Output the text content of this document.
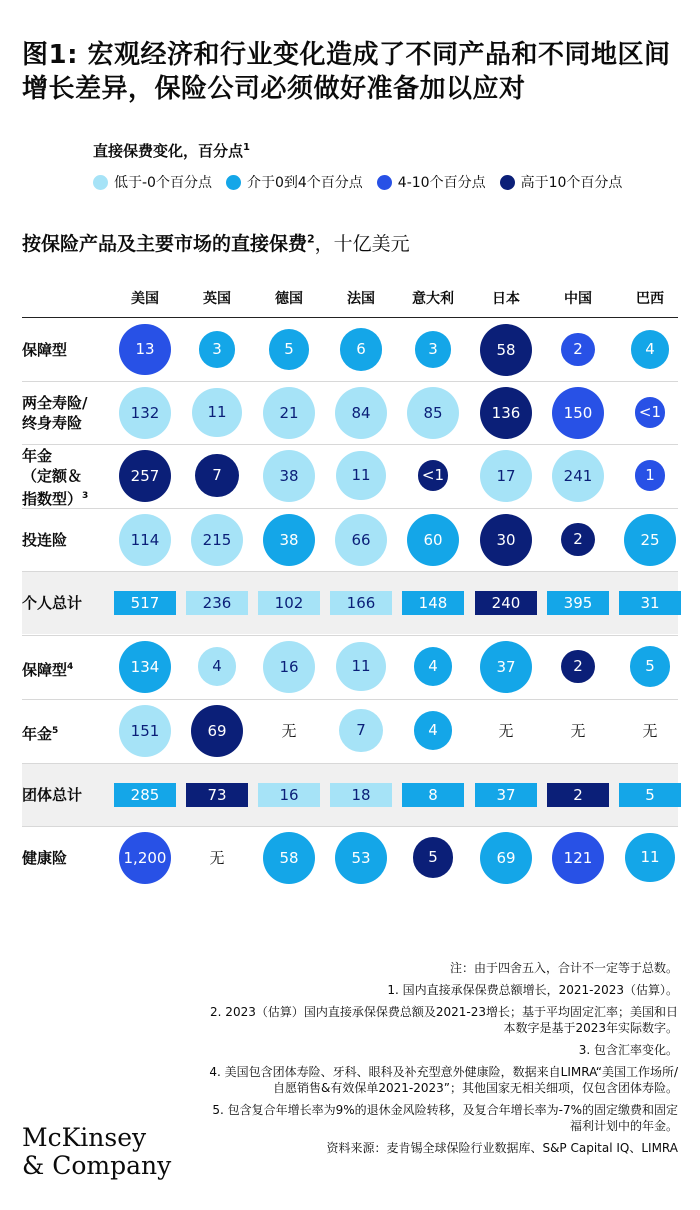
图1: 宏观经济和行业变化造成了不同产品和不同地区间增长差异，保险公司必须做好准备加以应对
直接保费变化，百分点$^1$
低于-0个百分点	介于0到4个百分点	4-10个百分点	高于10个百分点
按保险产品及主要市场的直接保费$^2$，十亿美元
美国	英国	德国	法国	意大利	日本	中国	巴西
保障型	13	3	5	6	3	58	2	4
两全寿险/
终身寿险
132	11	21	84	85	136	150	<1
年金
（定额＆
指数型）$^3$
257	7	38	11	<1	17	241	1
投连险	114	215	38	66	60	30	2	25
个人总计	517	236	102	166	148	240	395	31
保障型$^4$	134	4	16	11	4	37	2	5
年金$^5$	151	69	无	7	4	无	无	无
团体总计	285	73	16	18	8	37	2	5
健康险	1,200	无	58	53	5	69	121	11

注：由于四舍五入，合计不一定等于总数。

1. 国内直接承保保费总额增长，2021-2023（估算）。

2. 2023（估算）国内直接承保保费总额及2021-23增长；基于平均固定汇率；美国和日本数字是基于2023年实际数字。

3. 包含汇率变化。

4. 美国包含团体寿险、牙科、眼科及补充型意外健康险，数据来自LIMRA“美国工作场所/自愿销售&有效保单2021-2023”；其他国家无相关细项，仅包含团体寿险。

5. 包含复合年增长率为9%的退休金风险转移，及复合年增长率为-7%的固定缴费和固定福利计划中的年金。

资料来源：麦肯锡全球保险行业数据库、S&P Capital IQ、LIMRA

McKinsey
& Company
